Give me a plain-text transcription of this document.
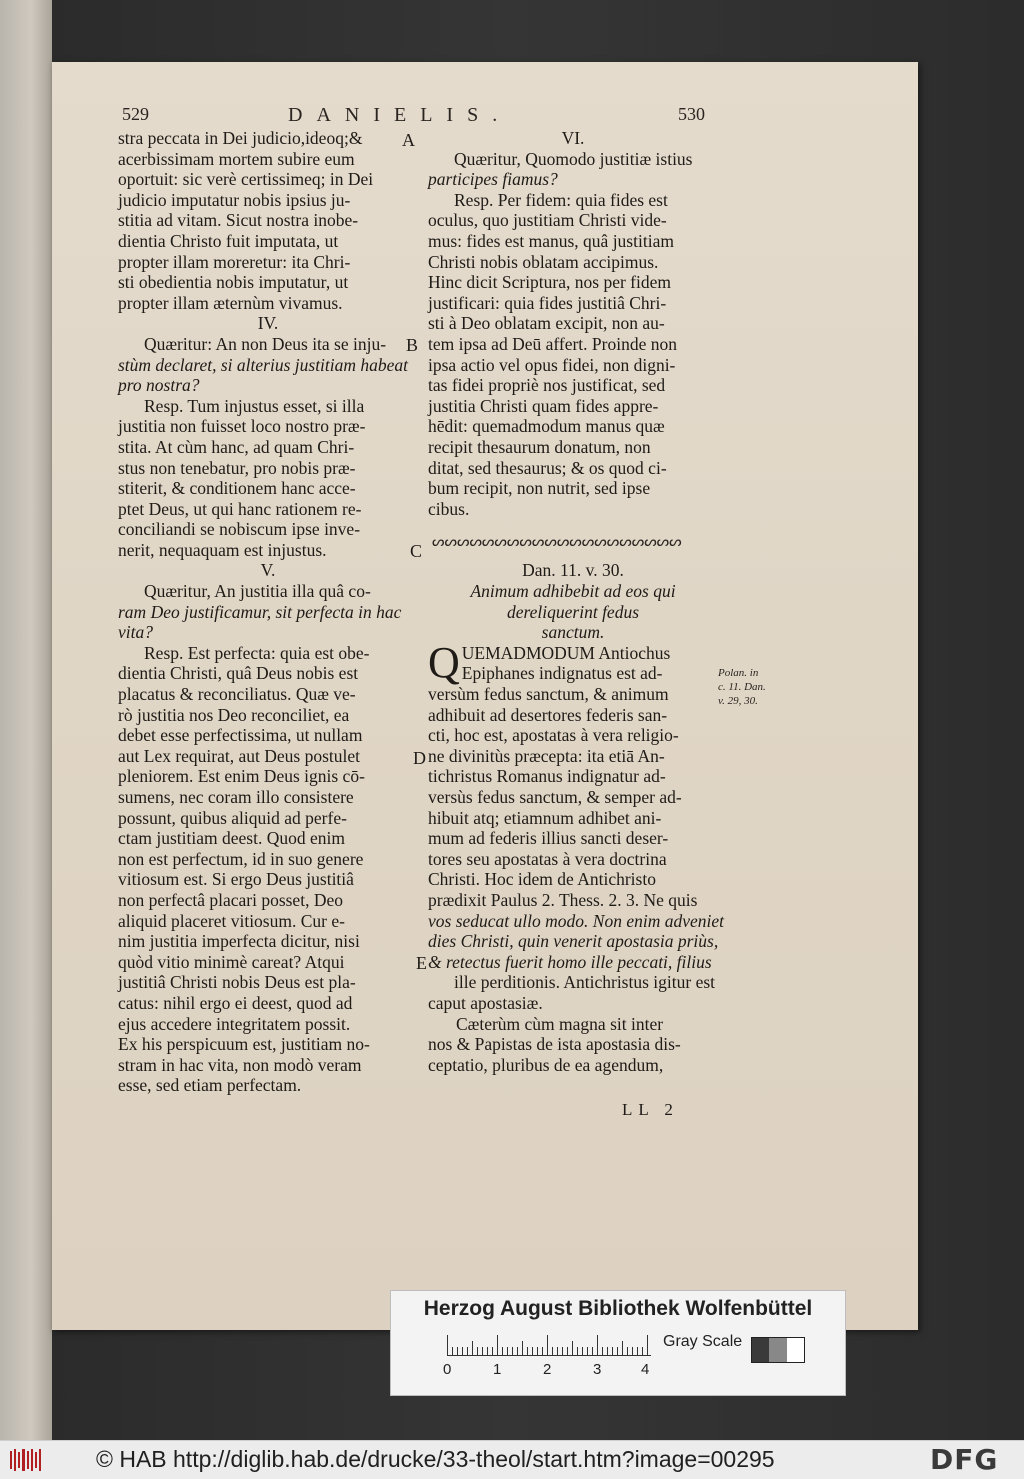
529	DANIELIS.	530

stra peccata in Dei judicio,ideoq;&

acerbissimam mortem subire eum

oportuit: sic verè certissimeq; in Dei

judicio imputatur nobis ipsius ju-

stitia ad vitam. Sicut nostra inobe-

dientia Christo fuit imputata, ut

propter illam moreretur: ita Chri-

sti obedientia nobis imputatur, ut

propter illam æternùm vivamus.

IV.

Quæritur: An non Deus ita se inju-

stùm declaret, si alterius justitiam habeat

pro nostra?

Resp. Tum injustus esset, si illa

justitia non fuisset loco nostro præ-

stita. At cùm hanc, ad quam Chri-

stus non tenebatur, pro nobis præ-

stiterit, & conditionem hanc acce-

ptet Deus, ut qui hanc rationem re-

conciliandi se nobiscum ipse inve-

nerit, nequaquam est injustus.

V.

Quæritur, An justitia illa quâ co-

ram Deo justificamur, sit perfecta in hac

vita?

Resp. Est perfecta: quia est obe-

dientia Christi, quâ Deus nobis est

placatus & reconciliatus. Quæ ve-

rò justitia nos Deo reconciliet, ea

debet esse perfectissima, ut nullam

aut Lex requirat, aut Deus postulet

pleniorem. Est enim Deus ignis cō-

sumens, nec coram illo consistere

possunt, quibus aliquid ad perfe-

ctam justitiam deest. Quod enim

non est perfectum, id in suo genere

vitiosum est. Si ergo Deus justitiâ

non perfectâ placari posset, Deo

aliquid placeret vitiosum. Cur e-

nim justitia imperfecta dicitur, nisi

quòd vitio minimè careat? Atqui

justitiâ Christi nobis Deus est pla-

catus: nihil ergo ei deest, quod ad

ejus accedere integritatem possit.

Ex his perspicuum est, justitiam no-

stram in hac vita, non modò veram

esse, sed etiam perfectam.

VI.

Quæritur, Quomodo justitiæ istius

participes fiamus?

Resp. Per fidem: quia fides est

oculus, quo justitiam Christi vide-

mus: fides est manus, quâ justitiam

Christi nobis oblatam accipimus.

Hinc dicit Scriptura, nos per fidem

justificari: quia fides justitiâ Chri-

sti à Deo oblatam excipit, non au-

tem ipsa ad Deū affert. Proinde non

ipsa actio vel opus fidei, non digni-

tas fidei propriè nos justificat, sed

justitia Christi quam fides appre-

hēdit: quemadmodum manus quæ

recipit thesaurum donatum, non

ditat, sed thesaurus; & os quod ci-

bum recipit, non nutrit, sed ipse

cibus.

Dan. 11. v. 30.

Animum adhibebit ad eos qui

dereliquerint fedus

sanctum.

QUEMADMODUM Antiochus

Epiphanes indignatus est ad-

versùm fedus sanctum, & animum

adhibuit ad desertores federis san-

cti, hoc est, apostatas à vera religio-

ne divinitùs præcepta: ita etiā An-

tichristus Romanus indignatur ad-

versùs fedus sanctum, & semper ad-

hibuit atq; etiamnum adhibet ani-

mum ad federis illius sancti deser-

tores seu apostatas à vera doctrina

Christi. Hoc idem de Antichristo

prædixit Paulus 2. Thess. 2. 3. Ne quis

vos seducat ullo modo. Non enim adveniet

dies Christi, quin venerit apostasia priùs,

& retectus fuerit homo ille peccati, filius

ille perditionis. Antichristus igitur est

caput apostasiæ.

Cæterùm cùm magna sit inter

nos & Papistas de ista apostasia dis-

ceptatio, pluribus de ea agendum,

A
B
C
D
E
ᔕᔕᔕᔕᔕᔕᔕᔕᔕᔕᔕᔕᔕᔕᔕᔕᔕᔕᔕᔕ
Polan. in
c. 11. Dan.
v. 29, 30.
LL 2
Herzog August Bibliothek Wolfenbüttel
0	1	2	3	4
Gray Scale
© HAB http://diglib.hab.de/drucke/33-theol/start.htm?image=00295	DFG
